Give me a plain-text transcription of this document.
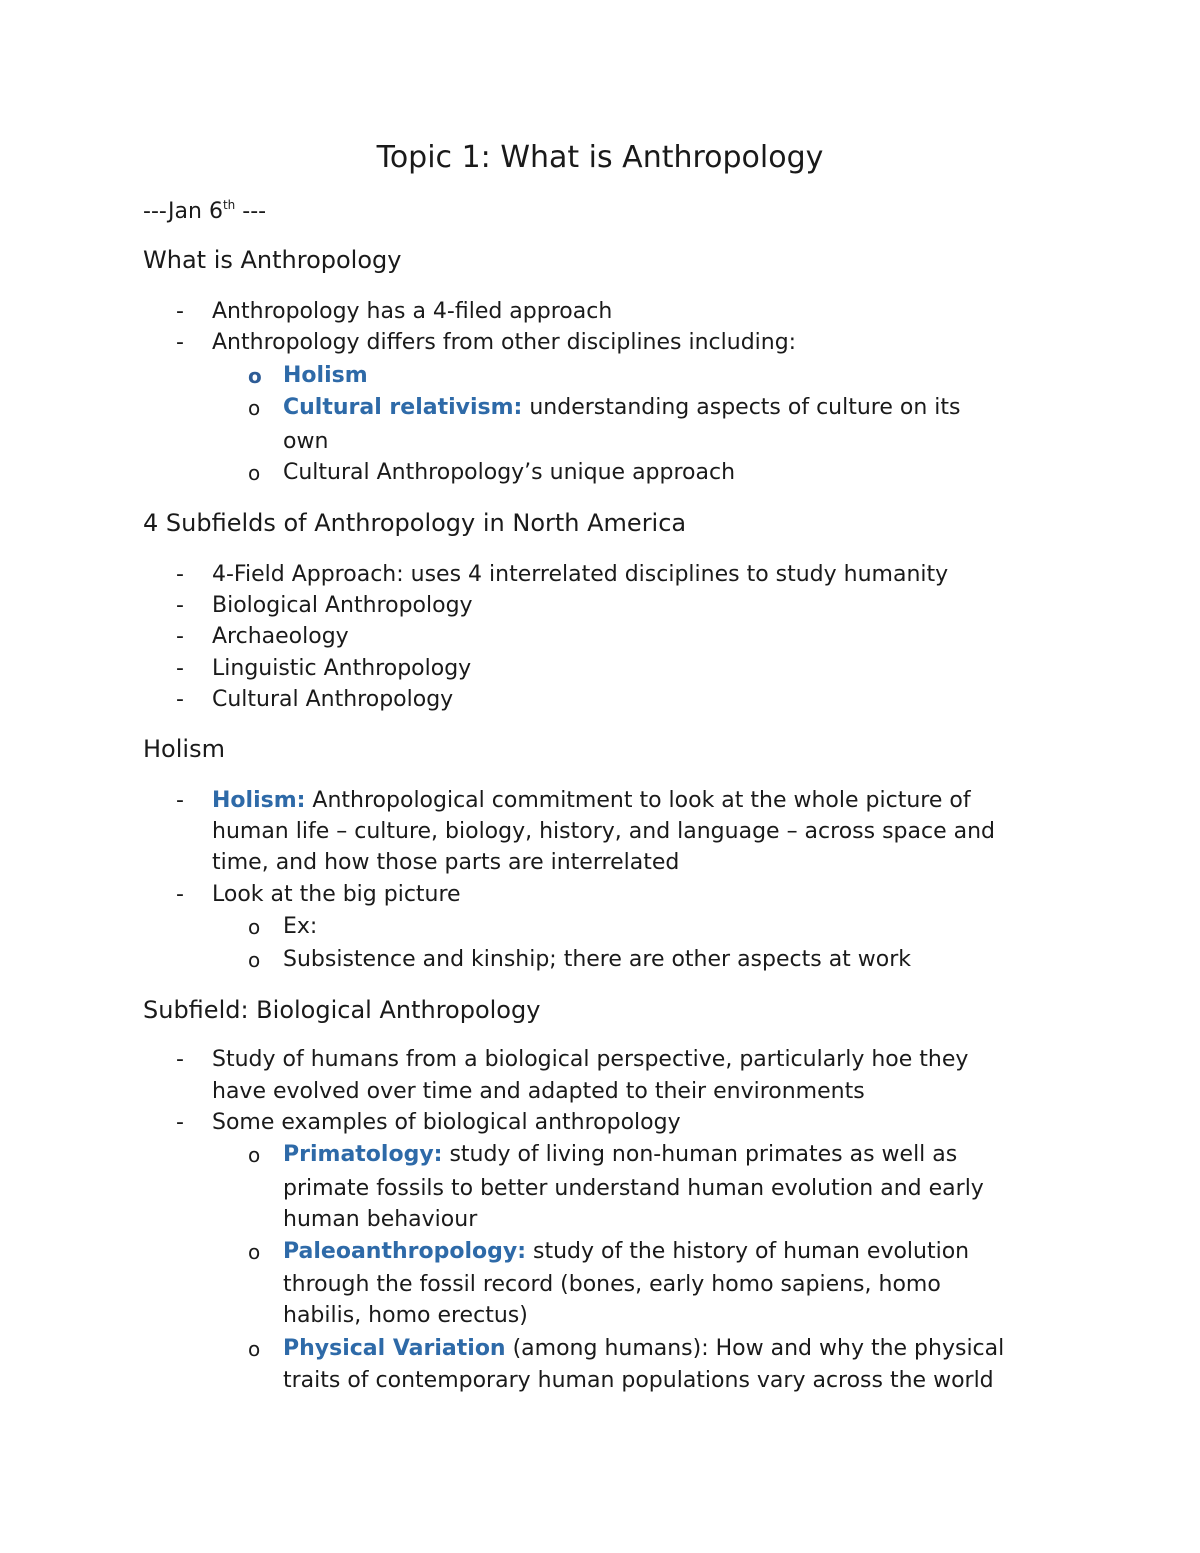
Topic 1: What is Anthropology
---Jan 6th ---
What is Anthropology
- Anthropology has a 4-filed approach
- Anthropology differs from other disciplines including:
o Holism
o Cultural relativism: understanding aspects of culture on its
own
o Cultural Anthropology’s unique approach
4 Subfields of Anthropology in North America
- 4-Field Approach: uses 4 interrelated disciplines to study humanity
- Biological Anthropology
- Archaeology
- Linguistic Anthropology
- Cultural Anthropology
Holism
- Holism: Anthropological commitment to look at the whole picture of
human life – culture, biology, history, and language – across space and
time, and how those parts are interrelated
- Look at the big picture
o Ex:
o Subsistence and kinship; there are other aspects at work
Subfield: Biological Anthropology
- Study of humans from a biological perspective, particularly hoe they
have evolved over time and adapted to their environments
- Some examples of biological anthropology
o Primatology: study of living non-human primates as well as
primate fossils to better understand human evolution and early
human behaviour
o Paleoanthropology: study of the history of human evolution
through the fossil record (bones, early homo sapiens, homo
habilis, homo erectus)
o Physical Variation (among humans): How and why the physical
traits of contemporary human populations vary across the world
